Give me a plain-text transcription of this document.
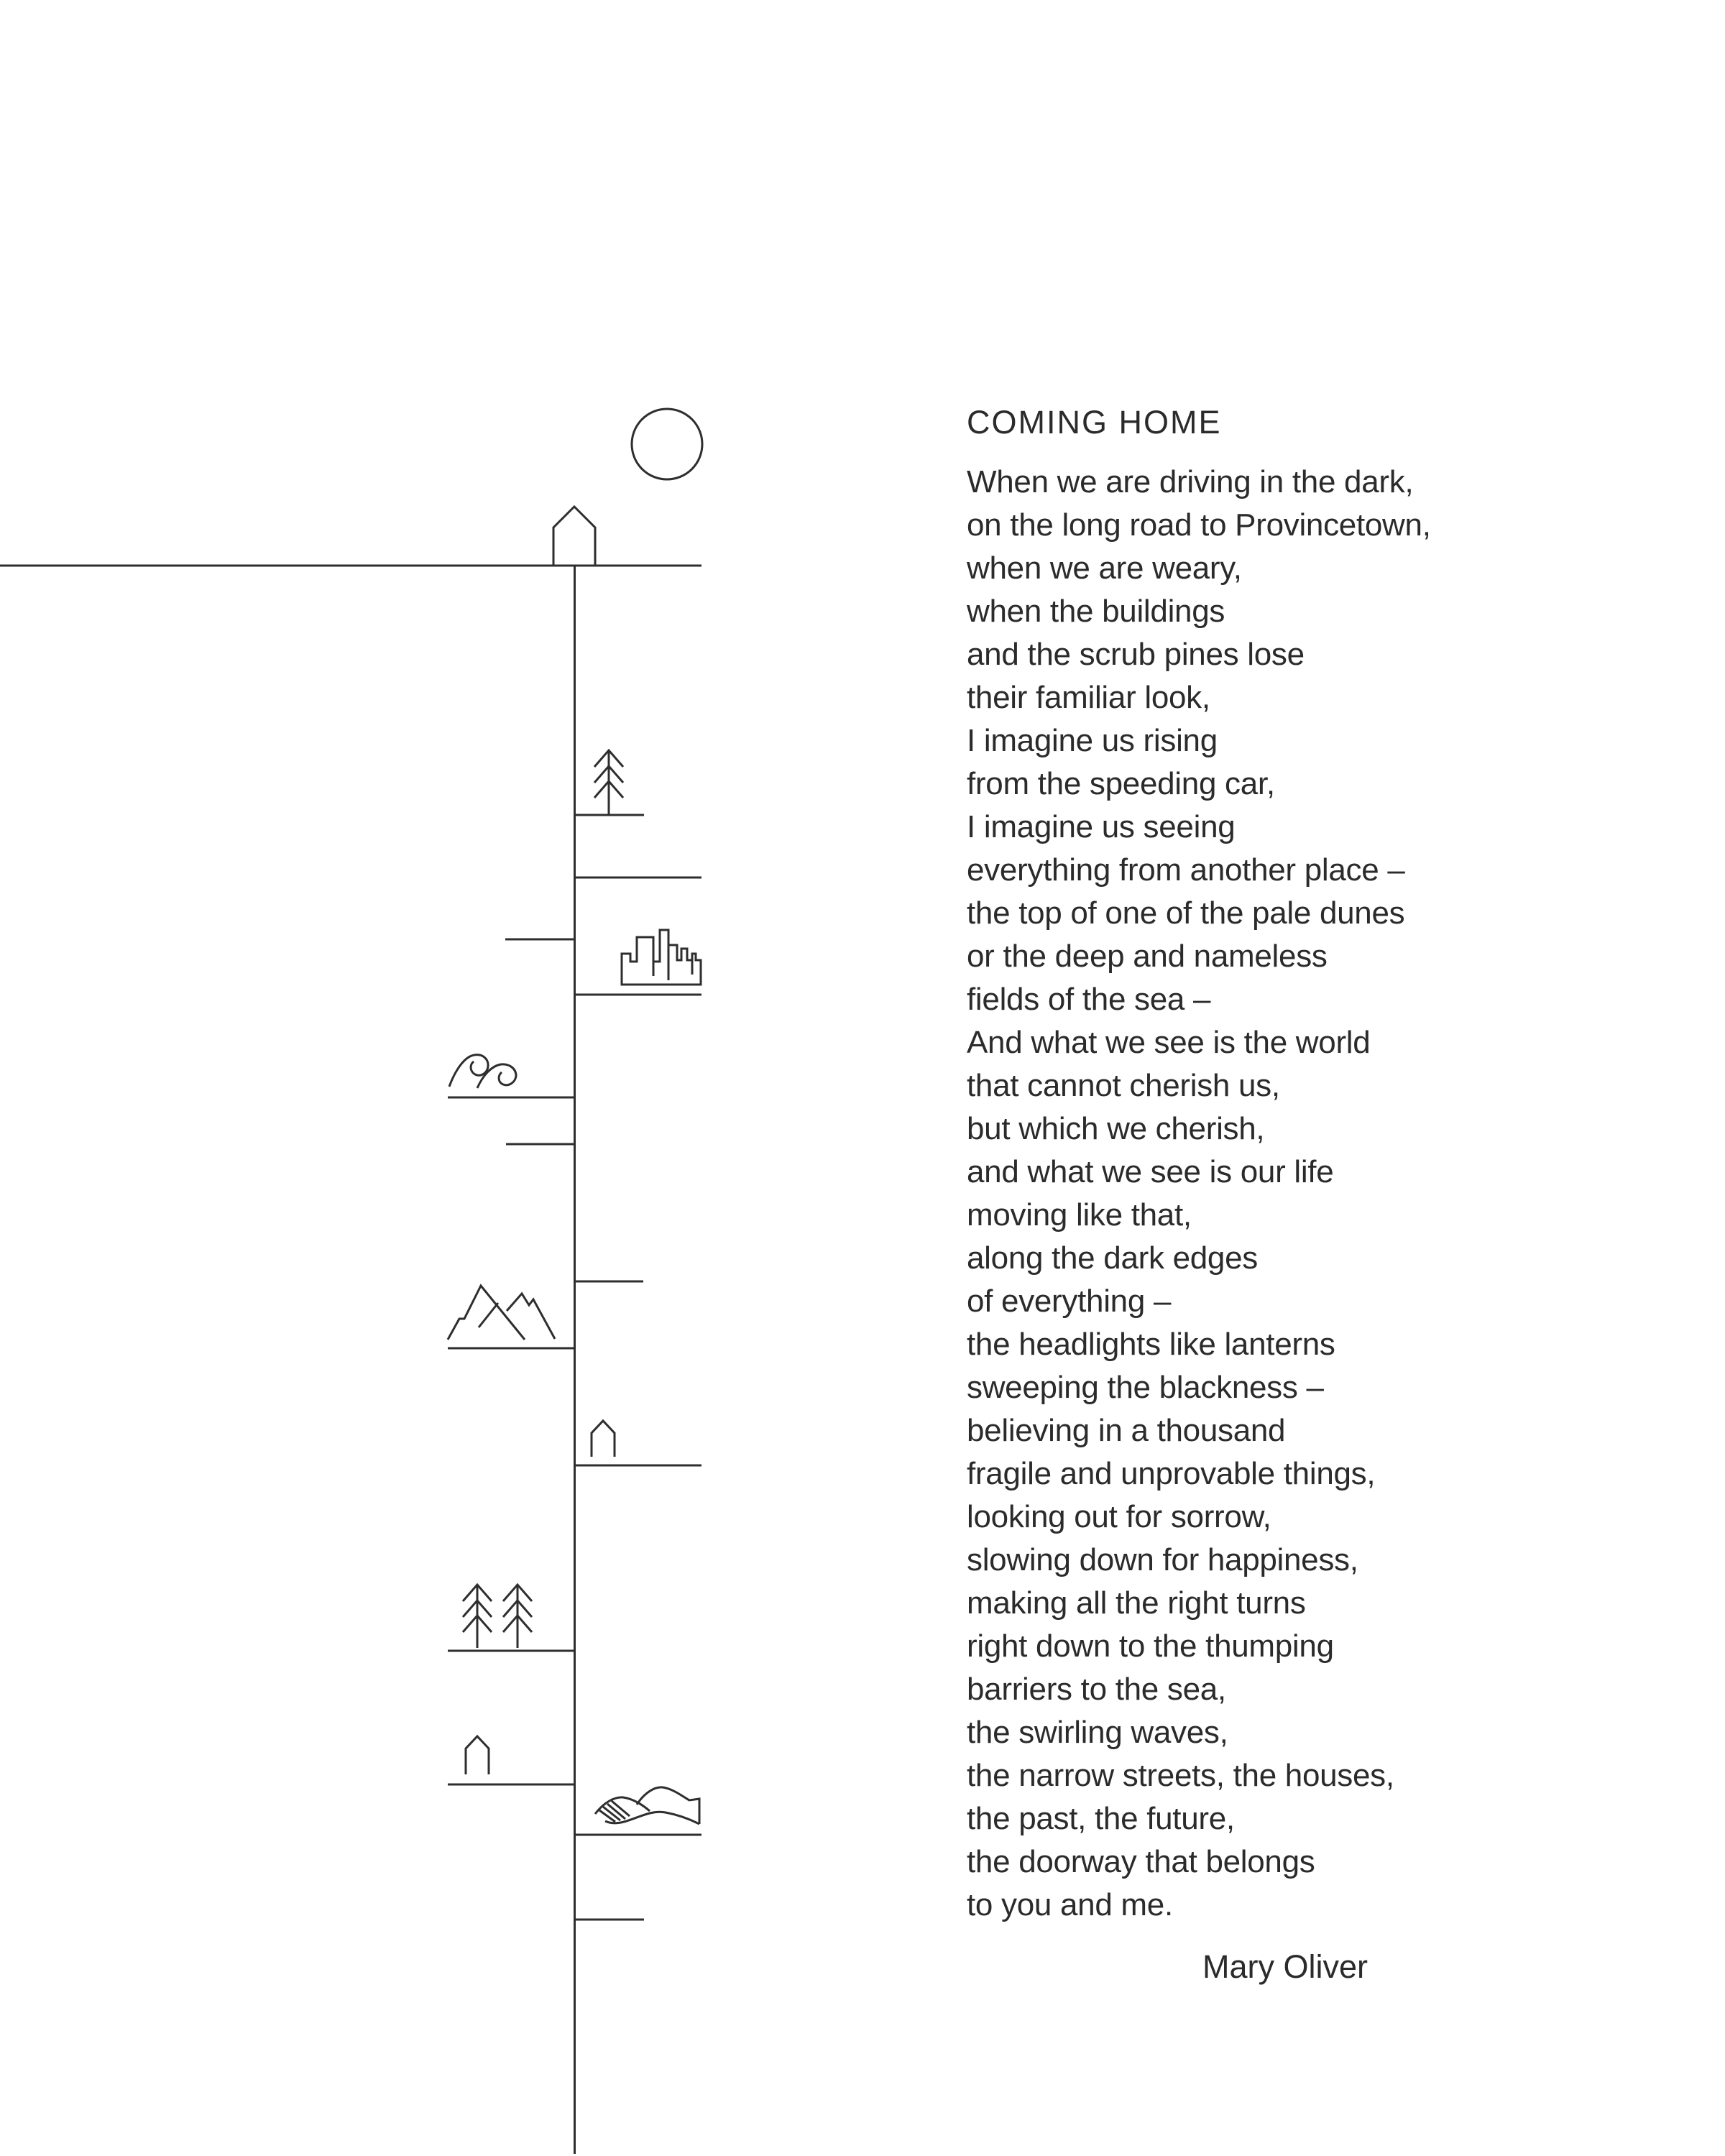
COMING HOME
When we are driving in the dark,
on the long road to Provincetown,
when we are weary,
when the buildings
and the scrub pines lose
their familiar look,
I imagine us rising
from the speeding car,
I imagine us seeing
everything from another place –
the top of one of the pale dunes
or the deep and nameless
fields of the sea –
And what we see is the world
that cannot cherish us,
but which we cherish,
and what we see is our life
moving like that,
along the dark edges
of everything –
the headlights like lanterns
sweeping the blackness –
believing in a thousand
fragile and unprovable things,
looking out for sorrow,
slowing down for happiness,
making all the right turns
right down to the thumping
barriers to the sea,
the swirling waves,
the narrow streets, the houses,
the past, the future,
the doorway that belongs
to you and me.
Mary Oliver
